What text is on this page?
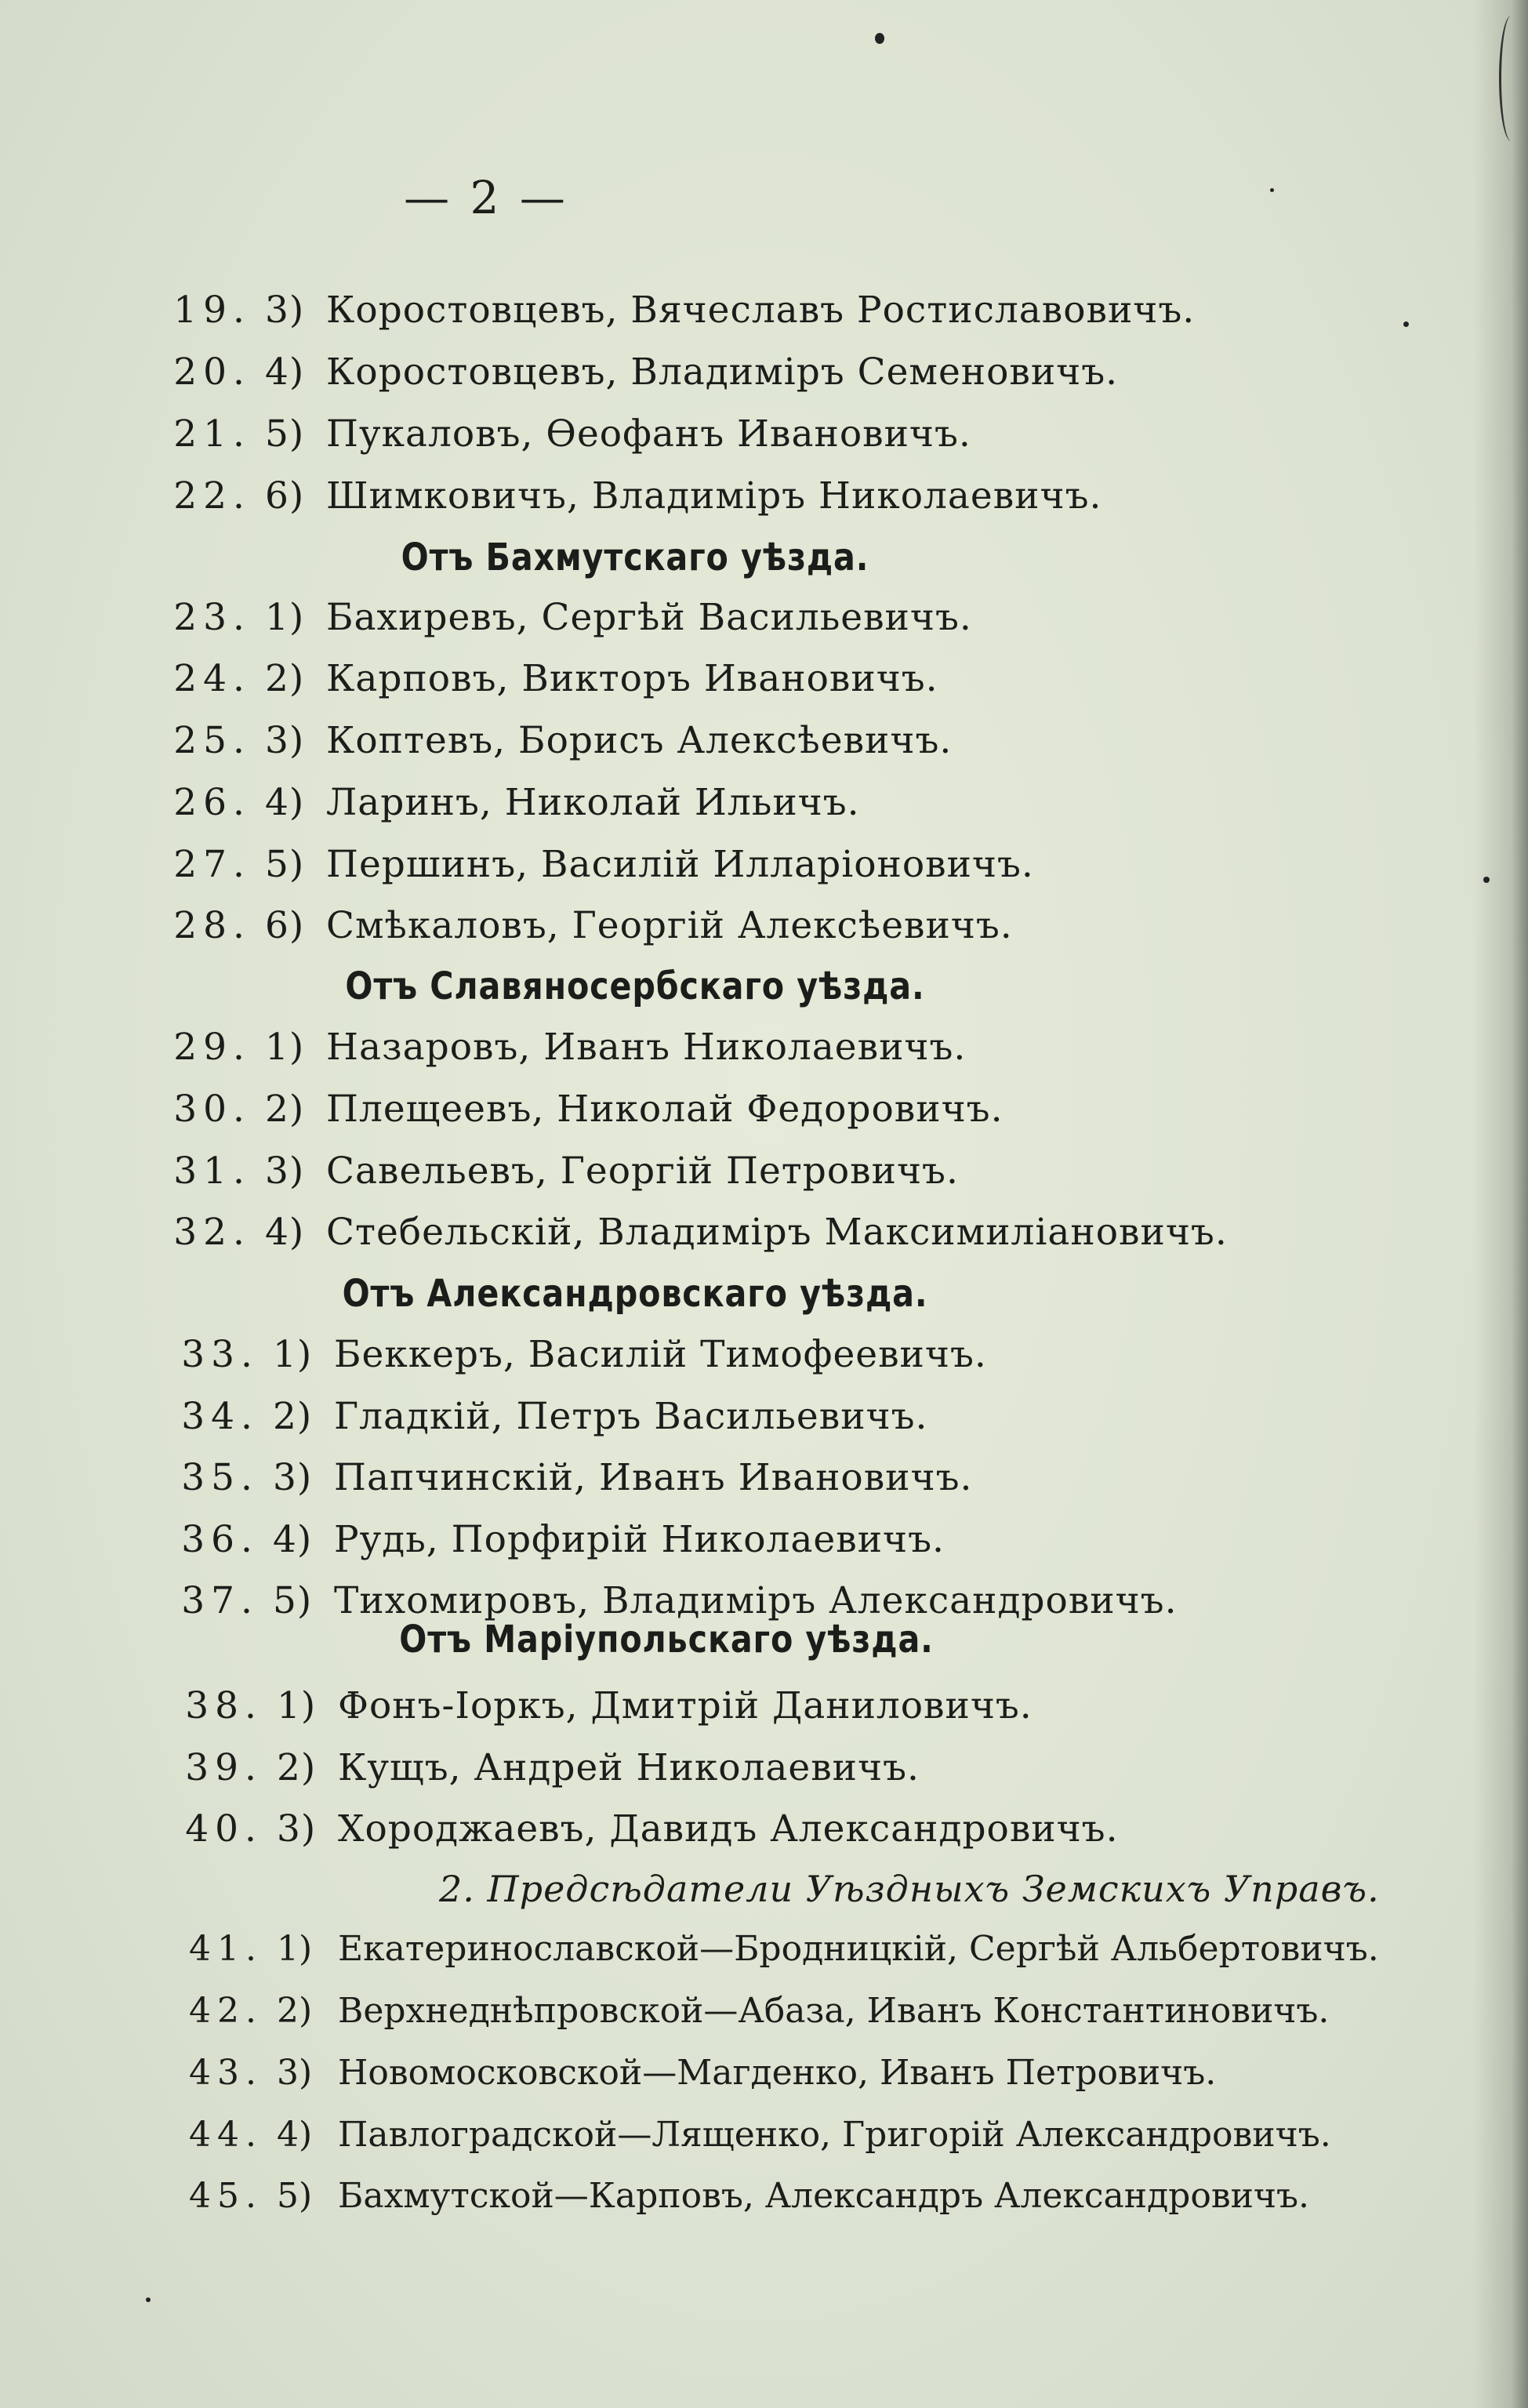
— 2 —
19. 3) Коростовцевъ, Вячеславъ Ростиславовичъ.
20. 4) Коростовцевъ, Владиміръ Семеновичъ.
21. 5) Пукаловъ, Ѳеофанъ Ивановичъ.
22. 6) Шимковичъ, Владиміръ Николаевичъ.
Отъ Бахмутскаго уѣзда.
23. 1) Бахиревъ, Сергѣй Васильевичъ.
24. 2) Карповъ, Викторъ Ивановичъ.
25. 3) Коптевъ, Борисъ Алексѣевичъ.
26. 4) Ларинъ, Николай Ильичъ.
27. 5) Першинъ, Василій Илларіоновичъ.
28. 6) Смѣкаловъ, Георгій Алексѣевичъ.
Отъ Славяносербскаго уѣзда.
29. 1) Назаровъ, Иванъ Николаевичъ.
30. 2) Плещеевъ, Николай Федоровичъ.
31. 3) Савельевъ, Георгій Петровичъ.
32. 4) Стебельскій, Владиміръ Максимиліановичъ.
Отъ Александровскаго уѣзда.
33. 1) Беккеръ, Василій Тимофеевичъ.
34. 2) Гладкій, Петръ Васильевичъ.
35. 3) Папчинскій, Иванъ Ивановичъ.
36. 4) Рудь, Порфирій Николаевичъ.
37. 5) Тихомировъ, Владиміръ Александровичъ.
Отъ Маріупольскаго уѣзда.
38. 1) Фонъ-Іоркъ, Дмитрій Даниловичъ.
39. 2) Кущъ, Андрей Николаевичъ.
40. 3) Хороджаевъ, Давидъ Александровичъ.
2. Предсѣдатели Уѣздныхъ Земскихъ Управъ.
41. 1) Екатеринославской—Бродницкій, Сергѣй Альбертовичъ.
42. 2) Верхнеднѣпровской—Абаза, Иванъ Константиновичъ.
43. 3) Новомосковской—Магденко, Иванъ Петровичъ.
44. 4) Павлоградской—Лященко, Григорій Александровичъ.
45. 5) Бахмутской—Карповъ, Александръ Александровичъ.
